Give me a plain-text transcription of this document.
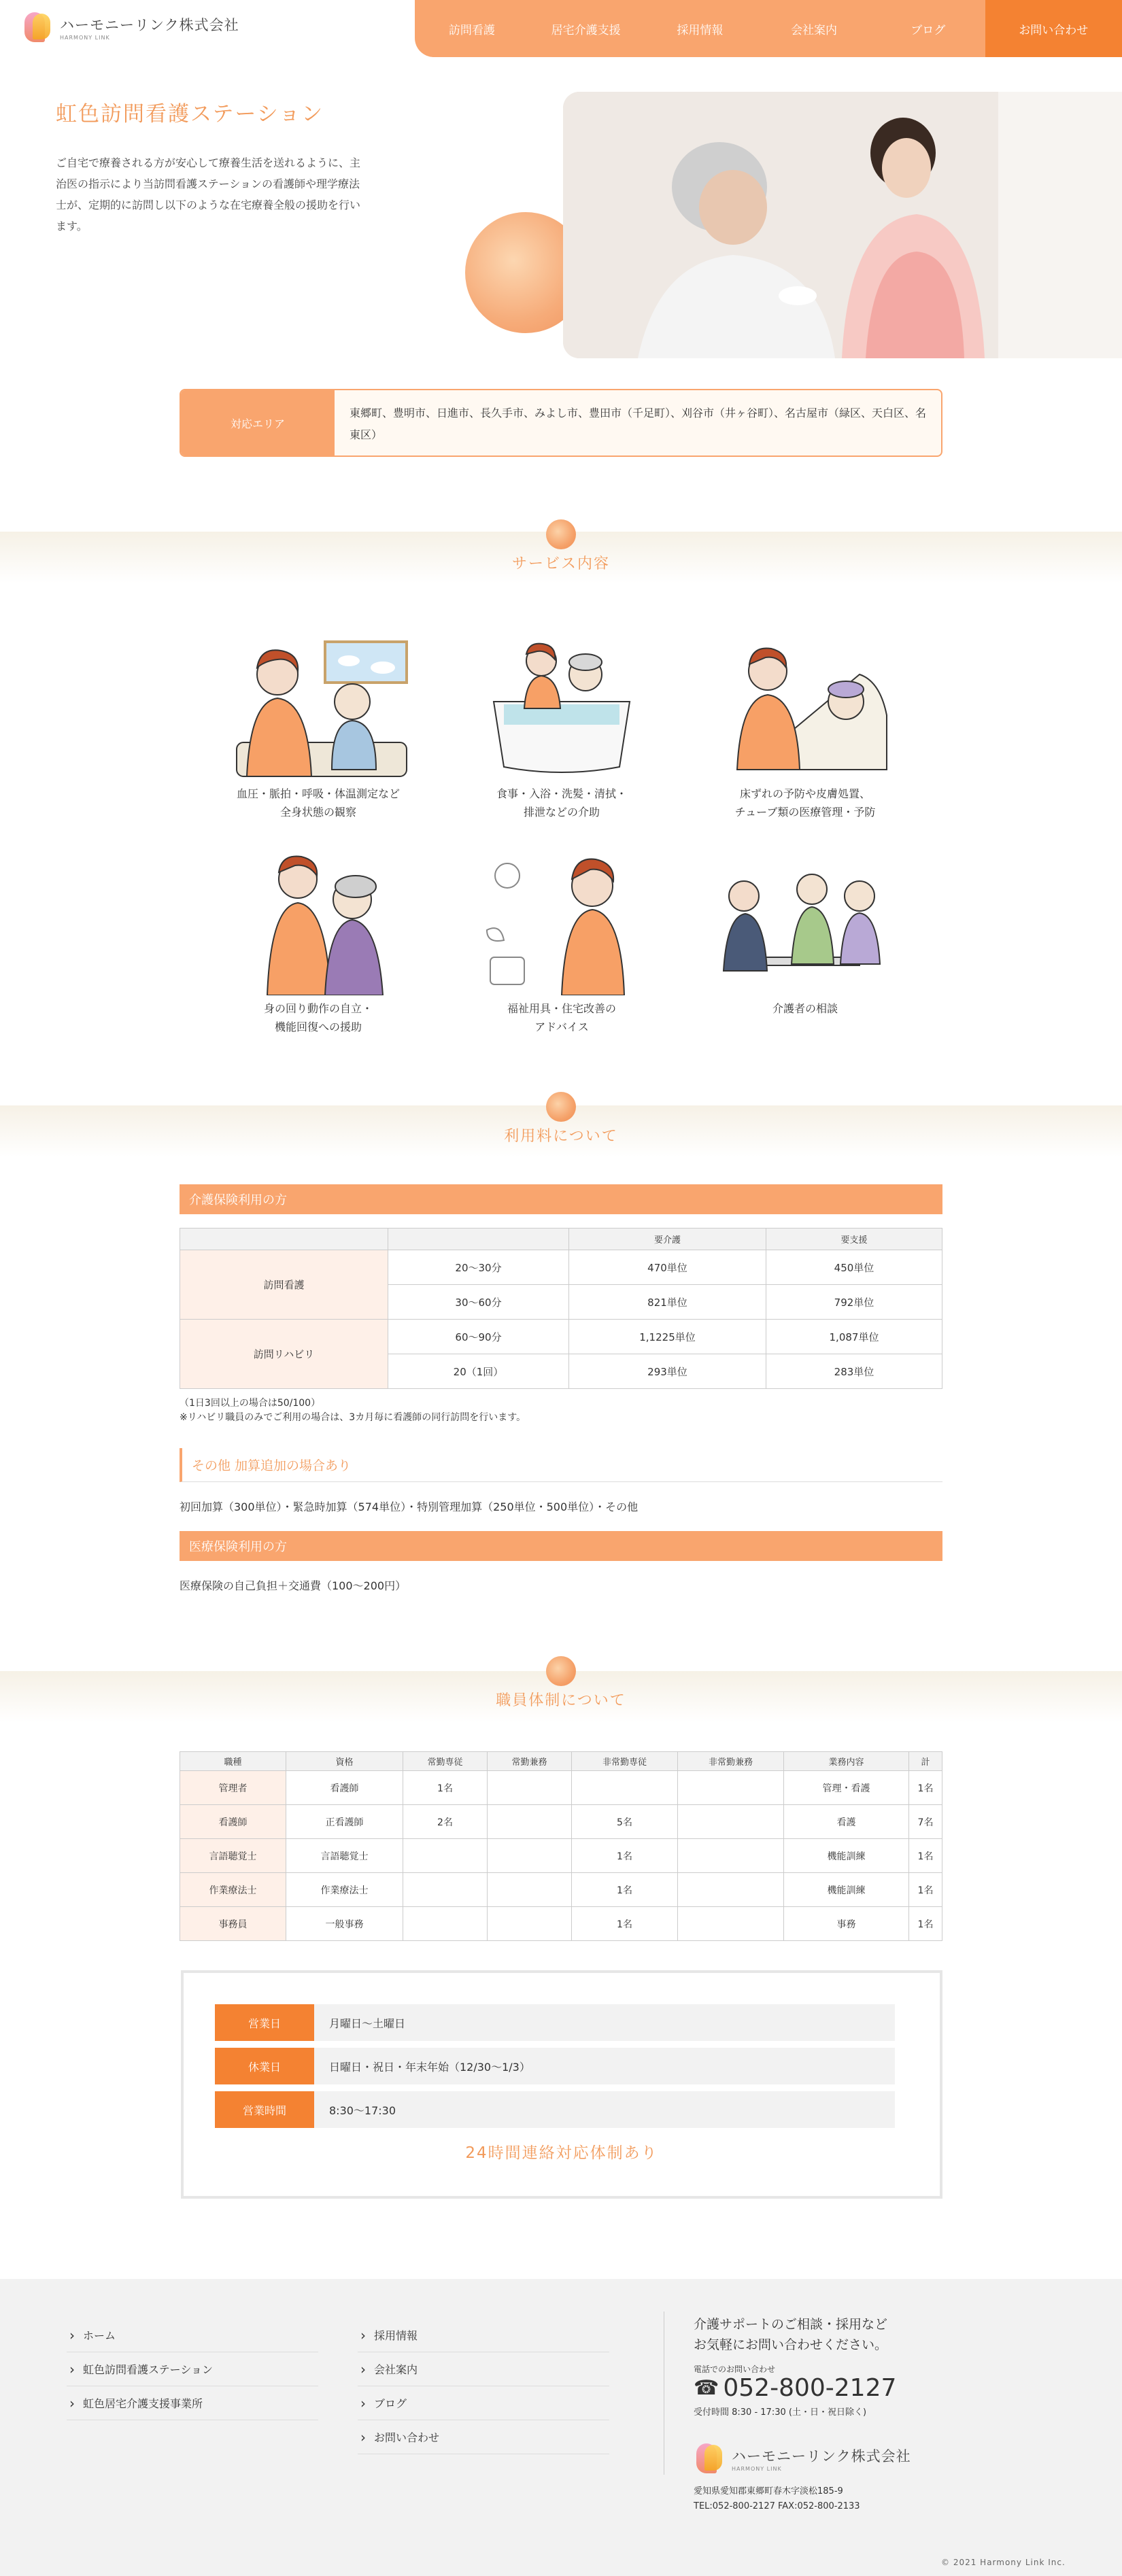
ハーモニーリンク株式会社
HARMONY LINK
訪問看護	居宅介護支援	採用情報	会社案内	ブログ	お問い合わせ
虹色訪問看護ステーション

ご自宅で療養される方が安心して療養生活を送れるように、主治医の指示により当訪問看護ステーションの看護師や理学療法士が、定期的に訪問し以下のような在宅療養全般の援助を行います。

対応エリア
東郷町、豊明市、日進市、長久手市、みよし市、豊田市（千足町）、刈谷市（井ヶ谷町）、名古屋市（緑区、天白区、名東区）
サービス内容
血圧・脈拍・呼吸・体温測定など
全身状態の観察
食事・入浴・洗髪・清拭・
排泄などの介助
床ずれの予防や皮膚処置、
チューブ類の医療管理・予防
身の回り動作の自立・
機能回復への援助
福祉用具・住宅改善の
アドバイス
介護者の相談
利用料について
介護保険利用の方
		要介護	要支援
訪問看護	20～30分	470単位	450単位
	30～60分	821単位	792単位
訪問リハビリ	60～90分	1,1225単位	1,087単位
	20（1回）	293単位	283単位
（1日3回以上の場合は50/100）
※リハビリ職員のみでご利用の場合は、3カ月毎に看護師の同行訪問を行います。
その他 加算追加の場合あり
初回加算（300単位）・緊急時加算（574単位）・特別管理加算（250単位・500単位）・その他
医療保険利用の方
医療保険の自己負担＋交通費（100～200円）
職員体制について
職種	資格	常勤専従	常勤兼務	非常勤専従	非常勤兼務	業務内容	計
管理者	看護師	1名				管理・看護	1名
看護師	正看護師	2名		5名		看護	7名
言語聴覚士	言語聴覚士			1名		機能訓練	1名
作業療法士	作業療法士			1名		機能訓練	1名
事務員	一般事務			1名		事務	1名
営業日	月曜日〜土曜日
休業日	日曜日・祝日・年末年始（12/30〜1/3）
営業時間	8:30〜17:30
24時間連絡対応体制あり
› ホーム
› 虹色訪問看護ステーション
› 虹色居宅介護支援事業所
› 採用情報
› 会社案内
› ブログ
› お問い合わせ
介護サポートのご相談・採用など
お気軽にお問い合わせください。
電話でのお問い合わせ
☎ 052-800-2127
受付時間 8:30 - 17:30 (土・日・祝日除く)
ハーモニーリンク株式会社
HARMONY LINK
愛知県愛知郡東郷町春木字淡松185-9
TEL:052-800-2127 FAX:052-800-2133
© 2021 Harmony Link Inc.
